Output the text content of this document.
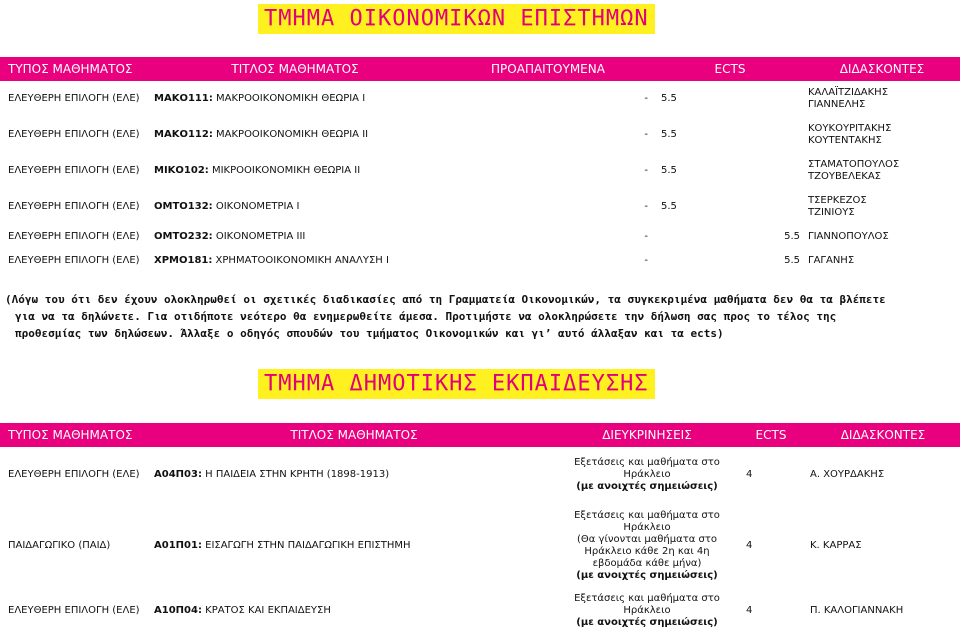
ΤΜΗΜΑ ΟΙΚΟΝΟΜΙΚΩΝ ΕΠΙΣΤΗΜΩΝ
ΤΥΠΟΣ ΜΑΘΗΜΑΤΟΣ	ΤΙΤΛΟΣ ΜΑΘΗΜΑΤΟΣ	ΠΡΟΑΠΑΙΤΟΥΜΕΝΑ	ECTS	ΔΙΔΑΣΚΟΝΤΕΣ
ΕΛΕΥΘΕΡΗ ΕΠΙΛΟΓΗ (ΕΛΕ)	ΜΑΚΟ111: ΜΑΚΡΟΟΙΚΟΝΟΜΙΚΗ ΘΕΩΡΙΑ Ι	-	5.5	ΚΑΛΑΪΤΖΙΔΑΚΗΣ
ΓΙΑΝΝΕΛΗΣ

ΕΛΕΥΘΕΡΗ ΕΠΙΛΟΓΗ (ΕΛΕ)	ΜΑΚΟ112: ΜΑΚΡΟΟΙΚΟΝΟΜΙΚΗ ΘΕΩΡΙΑ ΙΙ	-	5.5	ΚΟΥΚΟΥΡΙΤΑΚΗΣ
ΚΟΥΤΕΝΤΑΚΗΣ

ΕΛΕΥΘΕΡΗ ΕΠΙΛΟΓΗ (ΕΛΕ)	ΜΙΚΟ102: ΜΙΚΡΟΟΙΚΟΝΟΜΙΚΗ ΘΕΩΡΙΑ ΙΙ	-	5.5	ΣΤΑΜΑΤΟΠΟΥΛΟΣ
ΤΖΟΥΒΕΛΕΚΑΣ

ΕΛΕΥΘΕΡΗ ΕΠΙΛΟΓΗ (ΕΛΕ)	ΟΜΤΟ132: ΟΙΚΟΝΟΜΕΤΡΙΑ Ι	-	5.5	ΤΣΕΡΚΕΖΟΣ
ΤΖΙΝΙΟΥΣ

ΕΛΕΥΘΕΡΗ ΕΠΙΛΟΓΗ (ΕΛΕ)	ΟΜΤΟ232: ΟΙΚΟΝΟΜΕΤΡΙΑ ΙΙΙ	-	5.5	ΓΙΑΝΝΟΠΟΥΛΟΣ

ΕΛΕΥΘΕΡΗ ΕΠΙΛΟΓΗ (ΕΛΕ)	ΧΡΜΟ181: ΧΡΗΜΑΤΟΟΙΚΟΝΟΜΙΚΗ ΑΝΑΛΥΣΗ Ι	-	5.5	ΓΑΓΑΝΗΣ
(Λόγω του ότι δεν έχουν ολοκληρωθεί οι σχετικές διαδικασίες από τη Γραμματεία Οικονομικών, τα συγκεκριμένα μαθήματα δεν θα τα βλέπετε
για να τα δηλώνετε. Για οτιδήποτε νεότερο θα ενημερωθείτε άμεσα. Προτιμήστε να ολοκληρώσετε την δήλωση σας προς το τέλος της
προθεσμίας των δηλώσεων. Άλλαξε ο οδηγός σπουδών του τμήματος Οικονομικών και γι’ αυτό άλλαξαν και τα ects)
ΤΜΗΜΑ ΔΗΜΟΤΙΚΗΣ ΕΚΠΑΙΔΕΥΣΗΣ
ΤΥΠΟΣ ΜΑΘΗΜΑΤΟΣ	ΤΙΤΛΟΣ ΜΑΘΗΜΑΤΟΣ	ΔΙΕΥΚΡΙΝΗΣΕΙΣ	ECTS	ΔΙΔΑΣΚΟΝΤΕΣ
ΕΛΕΥΘΕΡΗ ΕΠΙΛΟΓΗ (ΕΛΕ)	Α04Π03: Η ΠΑΙΔΕΙΑ ΣΤΗΝ ΚΡΗΤΗ (1898-1913)	Εξετάσεις και μαθήματα στο
Ηράκλειο
(με ανοιχτές σημειώσεις)	4	Α. ΧΟΥΡΔΑΚΗΣ
ΠΑΙΔΑΓΩΓΙΚΟ (ΠΑΙΔ)	Α01Π01: ΕΙΣΑΓΩΓΗ ΣΤΗΝ ΠΑΙΔΑΓΩΓΙΚΗ ΕΠΙΣΤΗΜΗ	Εξετάσεις και μαθήματα στο
Ηράκλειο
(Θα γίνονται μαθήματα στο
Ηράκλειο κάθε 2η και 4η εβδομάδα κάθε μήνα)
(με ανοιχτές σημειώσεις)	4	Κ. ΚΑΡΡΑΣ
ΕΛΕΥΘΕΡΗ ΕΠΙΛΟΓΗ (ΕΛΕ)	Α10Π04: ΚΡΑΤΟΣ ΚΑΙ ΕΚΠΑΙΔΕΥΣΗ	Εξετάσεις και μαθήματα στο
Ηράκλειο
(με ανοιχτές σημειώσεις)	4	Π. ΚΑΛΟΓΙΑΝΝΑΚΗ
